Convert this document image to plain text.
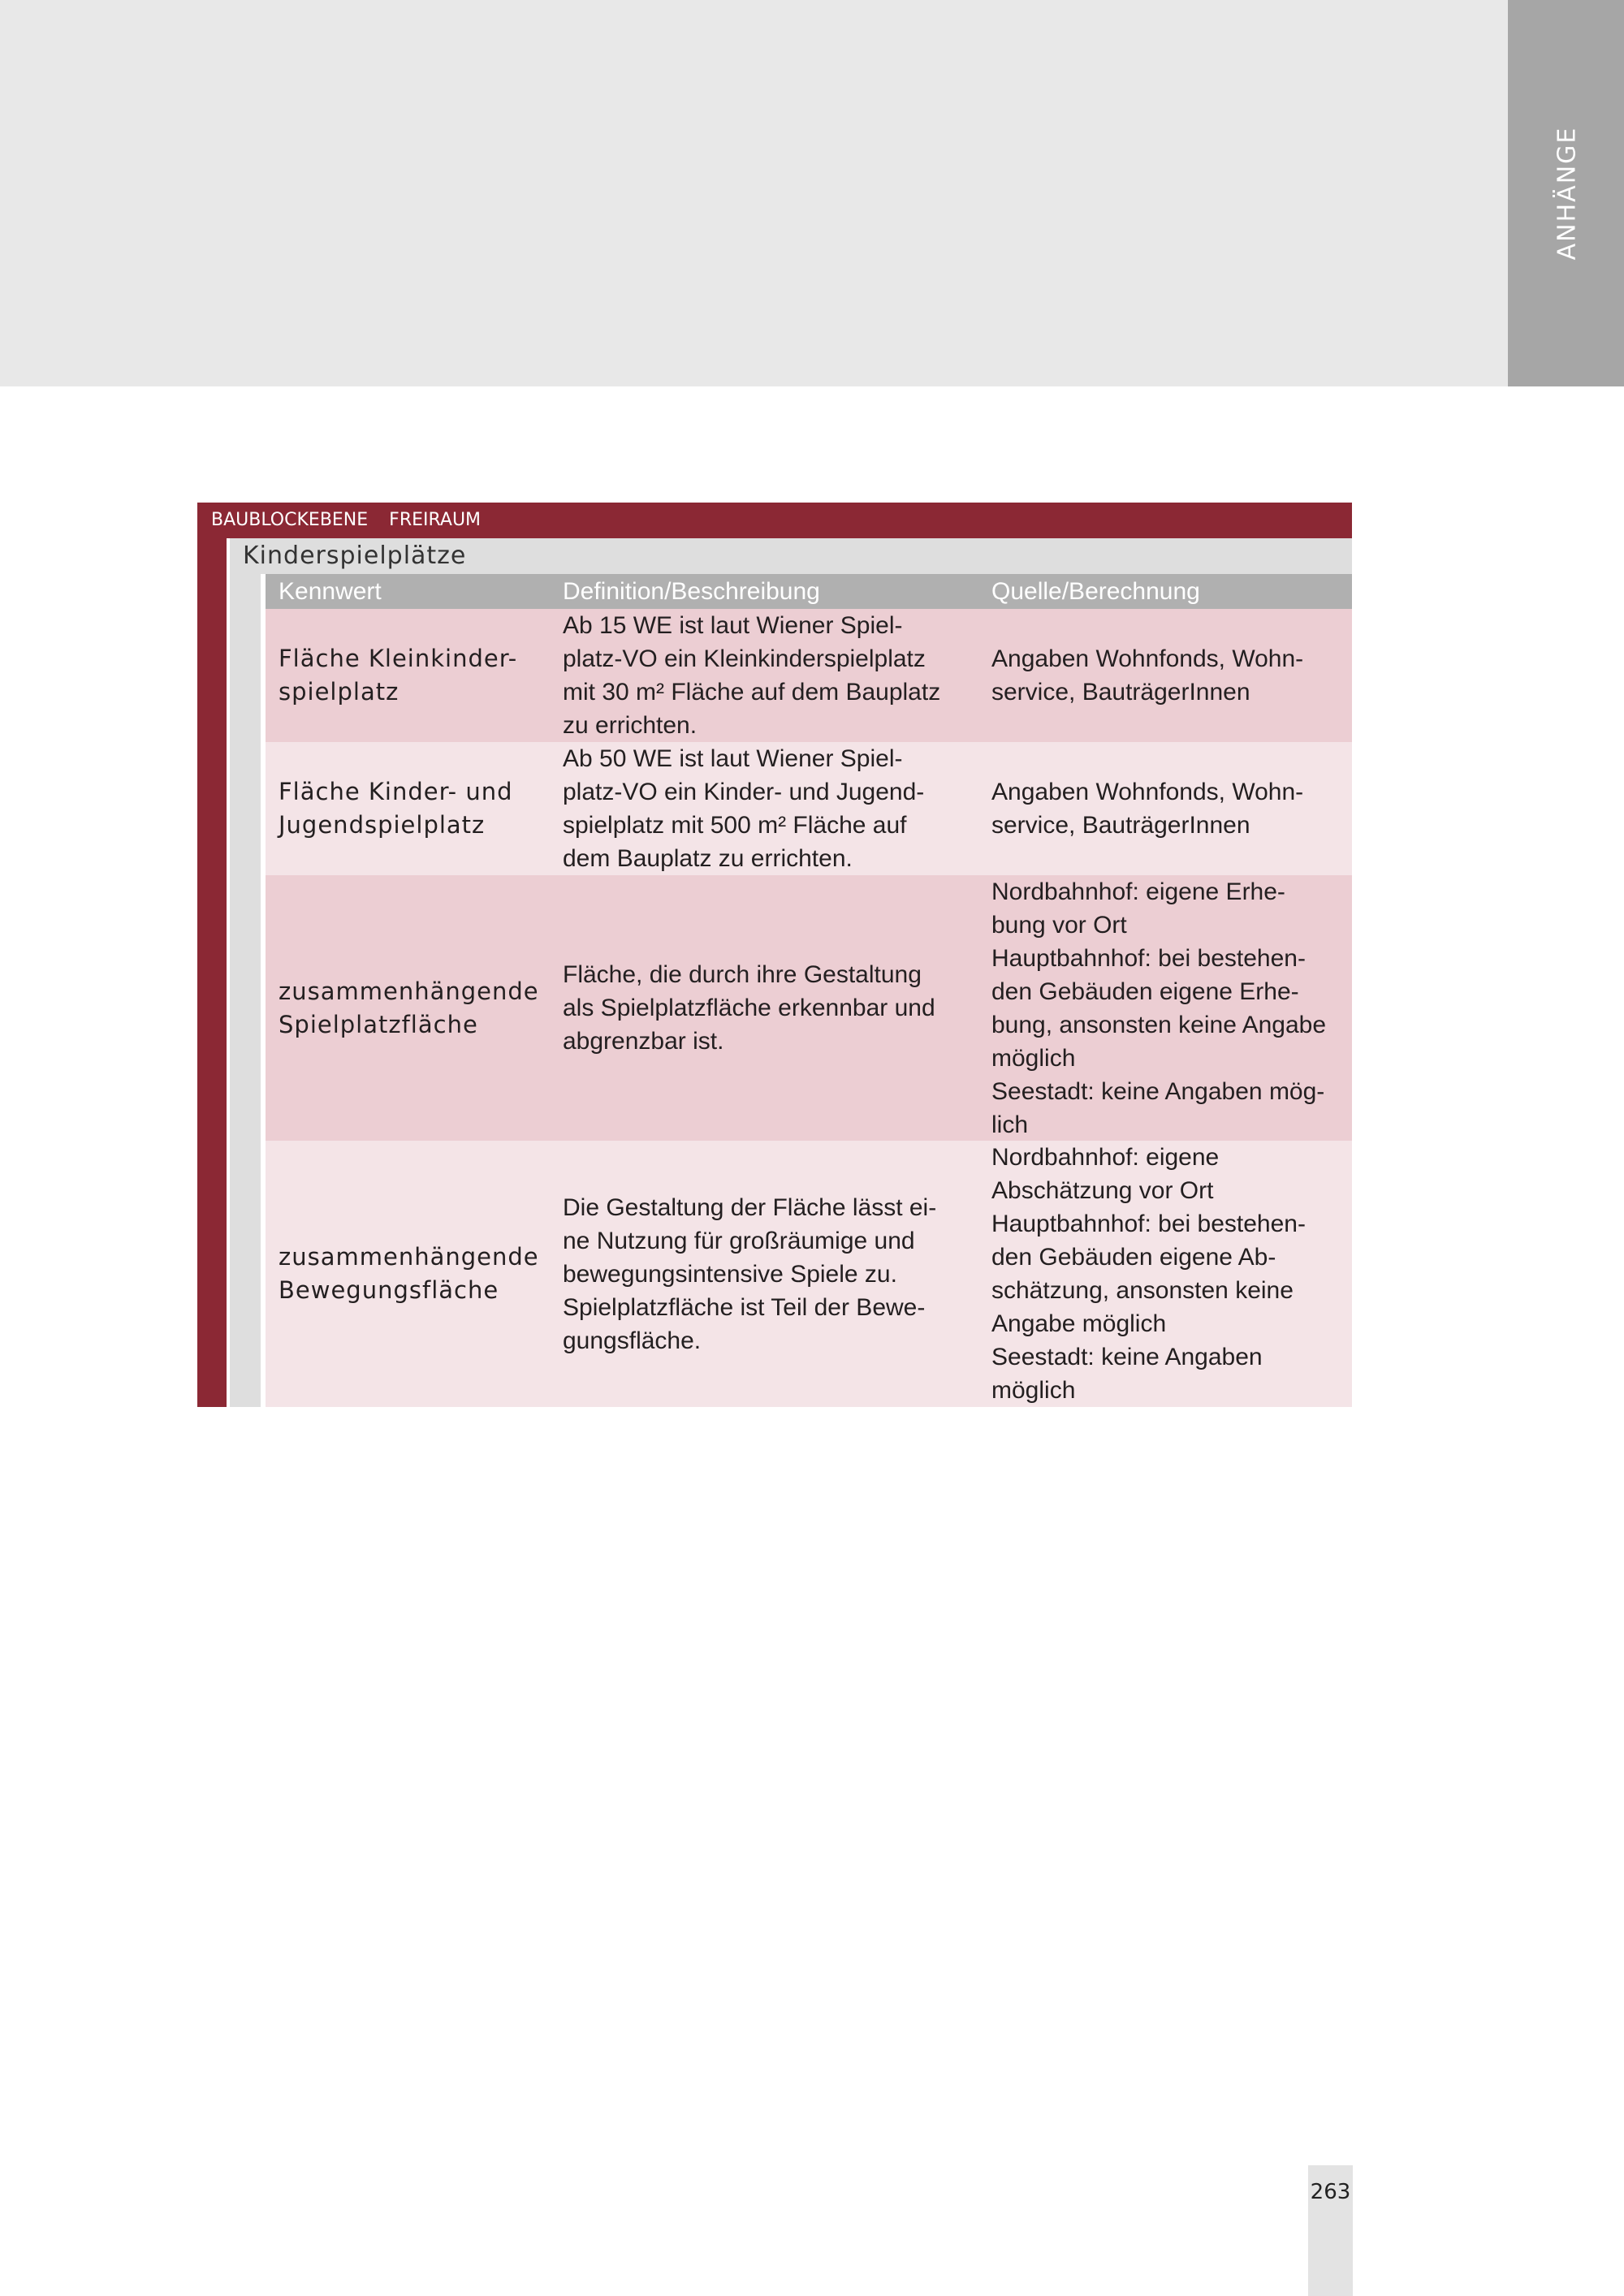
ANHÄNGE
BAUBLOCKEBENE FREIRAUM
Kinderspielplätze
Kennwert	Definition/Beschreibung	Quelle/Berechnung
Fläche Kleinkinder-
spielplatz
Ab 15 WE ist laut Wiener Spiel-
platz-VO ein Kleinkinderspielplatz
mit 30 m² Fläche auf dem Bauplatz
zu errichten.
Angaben Wohnfonds, Wohn-
service, BauträgerInnen
Fläche Kinder- und
Jugendspielplatz
Ab 50 WE ist laut Wiener Spiel-
platz-VO ein Kinder- und Jugend-
spielplatz mit 500 m² Fläche auf
dem Bauplatz zu errichten.
Angaben Wohnfonds, Wohn-
service, BauträgerInnen
zusammenhängende
Spielplatzfläche
Fläche, die durch ihre Gestaltung
als Spielplatzfläche erkennbar und
abgrenzbar ist.
Nordbahnhof: eigene Erhe-
bung vor Ort
Hauptbahnhof: bei bestehen-
den Gebäuden eigene Erhe-
bung, ansonsten keine Angabe
möglich
Seestadt: keine Angaben mög-
lich
zusammenhängende
Bewegungsfläche
Die Gestaltung der Fläche lässt ei-
ne Nutzung für großräumige und
bewegungsintensive Spiele zu.
Spielplatzfläche ist Teil der Bewe-
gungsfläche.
Nordbahnhof: eigene
Abschätzung vor Ort
Hauptbahnhof: bei bestehen-
den Gebäuden eigene Ab-
schätzung, ansonsten keine
Angabe möglich
Seestadt: keine Angaben
möglich
263
